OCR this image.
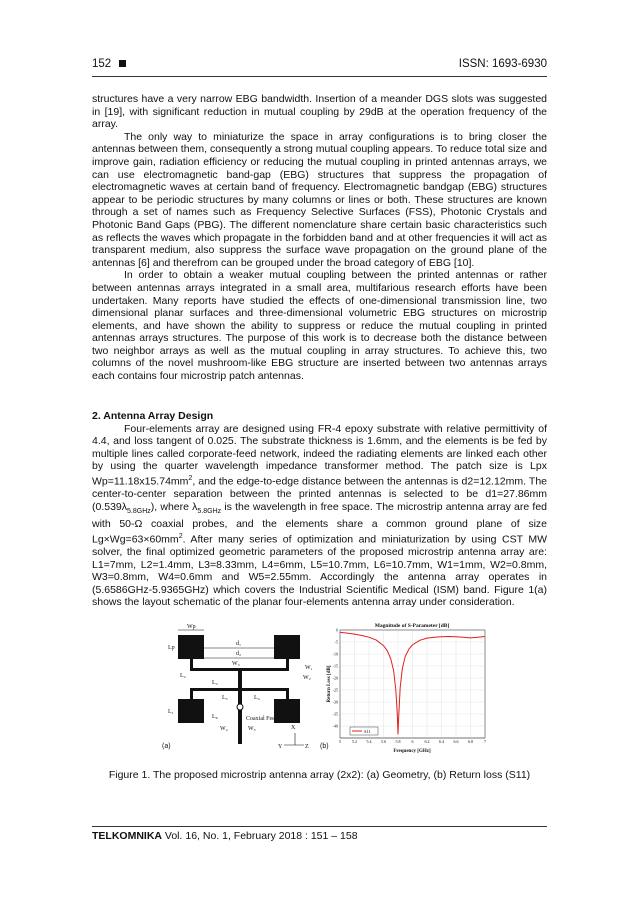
152	ISSN: 1693-6930

structures have a very narrow EBG bandwidth. Insertion of a meander DGS slots was suggested in [19], with significant reduction in mutual coupling by 29dB at the operation frequency of the array.

The only way to miniaturize the space in array configurations is to bring closer the antennas between them, consequently a strong mutual coupling appears. To reduce total size and improve gain, radiation efficiency or reducing the mutual coupling in printed antennas arrays, we can use electromagnetic band-gap (EBG) structures that suppress the propagation of electromagnetic waves at certain band of frequency. Electromagnetic bandgap (EBG) structures appear to be periodic structures by many columns or lines or both. These structures are known through a set of names such as Frequency Selective Surfaces (FSS), Photonic Crystals and Photonic Band Gaps (PBG). The different nomenclature share certain basic characteristics such as reflects the waves which propagate in the forbidden band and at other frequencies it will act as transparent medium, also suppress the surface wave propagation on the ground plane of the antennas [6] and therefrom can be grouped under the broad category of EBG [10].

In order to obtain a weaker mutual coupling between the printed antennas or rather between antennas arrays integrated in a small area, multifarious research efforts have been undertaken. Many reports have studied the effects of one-dimensional transmission line, two dimensional planar surfaces and three-dimensional volumetric EBG structures on microstrip elements, and have shown the ability to suppress or reduce the mutual coupling in printed antennas arrays structures. The purpose of this work is to decrease both the distance between two neighbor arrays as well as the mutual coupling in array structures. To achieve this, two columns of the novel mushroom-like EBG structure are inserted between two antennas arrays each contains four microstrip patch antennas.

2. Antenna Array Design

Four-elements array are designed using FR-4 epoxy substrate with relative permittivity of 4.4, and loss tangent of 0.025. The substrate thickness is 1.6mm, and the elements is be fed by multiple lines called corporate-feed network, indeed the radiating elements are linked each other by using the quarter wavelength impedance transformer method. The patch size is Lpx $Wp=11.18x15.74mm^2$, and the edge-to-edge distance between the antennas is d2=12.12mm. The center-to-center separation between the printed antennas is selected to be d1=27.86mm $(0.539\lambda_{5.8GHz})$, where $\lambda_{5.8GHz}$ is the wavelength in free space. The microstrip antenna array are fed with 50-Ω coaxial probes, and the elements share a common ground plane of size $Lg\times Wg=63\times 60mm^2$. After many series of optimization and miniaturization by using CST MW solver, the final optimized geometric parameters of the proposed microstrip antenna array are: L1=7mm, L2=1.4mm, L3=8.33mm, L4=6mm, L5=10.7mm, L6=10.7mm, W1=1mm, W2=0.8mm, W3=0.8mm, W4=0.6mm and W5=2.55mm. Accordingly the antenna array operates in (5.6586GHz-5.9365GHz) which covers the Industrial Scientific Medical (ISM) band. Figure 1(a) shows the layout schematic of the planar four-elements antenna array under consideration.

Wp
Lp
d₁
d₂
W₁
W₂
W₃
L₂
L₃
L₅	L₄
L₁
L₆	Coaxial Feed
W₄	W₅	X
Y	Z
(a)	(b)
Magnitude of S-Parameter [dB]
5	5.2 5.4 5.6 5.8	6	6.2 6.4 6.6 6.8	7
0
-5
-10
-15
-20
-25
-30
-35
-40
Frequency [GHz]
Return Loss [dB]
S11
Figure 1. The proposed microstrip antenna array (2x2): (a) Geometry, (b) Return loss (S11)
TELKOMNIKA Vol. 16, No. 1, February 2018 : 151 – 158
